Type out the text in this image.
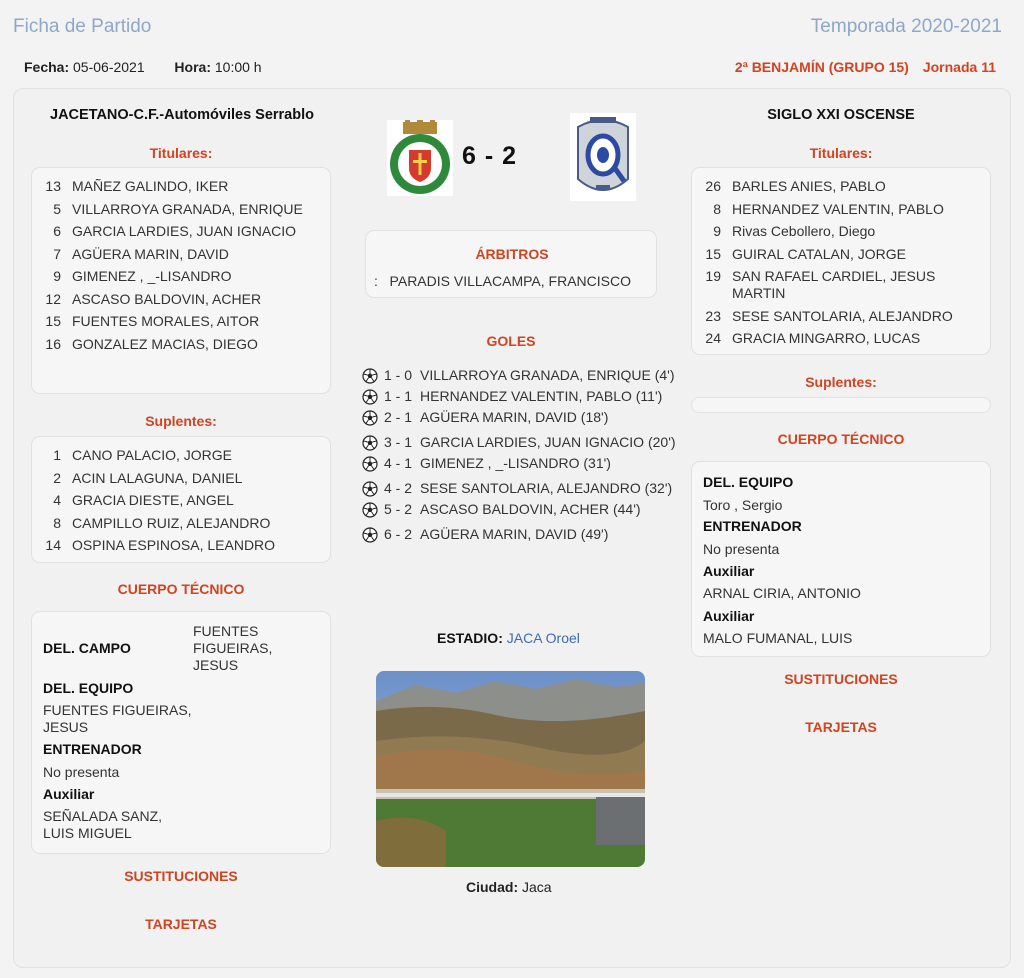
Ficha de Partido	Temporada 2020-2021
Fecha: 05-06-2021 Hora: 10:00 h	2ª BENJAMÍN (GRUPO 15) Jornada 11
JACETANO-C.F.-Automóviles Serrablo
Titulares:
13 MAÑEZ GALINDO, IKER
5 VILLARROYA GRANADA, ENRIQUE
6 GARCIA LARDIES, JUAN IGNACIO
7 AGÜERA MARIN, DAVID
9 GIMENEZ , _-LISANDRO
12 ASCASO BALDOVIN, ACHER
15 FUENTES MORALES, AITOR
16 GONZALEZ MACIAS, DIEGO
Suplentes:
1 CANO PALACIO, JORGE
2 ACIN LALAGUNA, DANIEL
4 GRACIA DIESTE, ANGEL
8 CAMPILLO RUIZ, ALEJANDRO
14 OSPINA ESPINOSA, LEANDRO
CUERPO TÉCNICO
DEL. CAMPO
FUENTES FIGUEIRAS, JESUS
DEL. EQUIPO
FUENTES FIGUEIRAS, JESUS
ENTRENADOR
No presenta
Auxiliar
SEÑALADA SANZ, LUIS MIGUEL
SUSTITUCIONES
TARJETAS
6 - 2
ÁRBITROS
:   PARADIS VILLACAMPA, FRANCISCO
GOLES
1 - 0 VILLARROYA GRANADA, ENRIQUE (4')
1 - 1 HERNANDEZ VALENTIN, PABLO (11')
2 - 1 AGÜERA MARIN, DAVID (18')
3 - 1 GARCIA LARDIES, JUAN IGNACIO (20')
4 - 1 GIMENEZ , _-LISANDRO (31')
4 - 2 SESE SANTOLARIA, ALEJANDRO (32')
5 - 2 ASCASO BALDOVIN, ACHER (44')
6 - 2 AGÜERA MARIN, DAVID (49')
ESTADIO: JACA Oroel
Ciudad: Jaca
SIGLO XXI OSCENSE
Titulares:
26 BARLES ANIES, PABLO
8 HERNANDEZ VALENTIN, PABLO
9 Rivas Cebollero, Diego
15 GUIRAL CATALAN, JORGE
19 SAN RAFAEL CARDIEL, JESUS MARTIN
23 SESE SANTOLARIA, ALEJANDRO
24 GRACIA MINGARRO, LUCAS
Suplentes:
CUERPO TÉCNICO
DEL. EQUIPO
Toro , Sergio
ENTRENADOR
No presenta
Auxiliar
ARNAL CIRIA, ANTONIO
Auxiliar
MALO FUMANAL, LUIS
SUSTITUCIONES
TARJETAS
